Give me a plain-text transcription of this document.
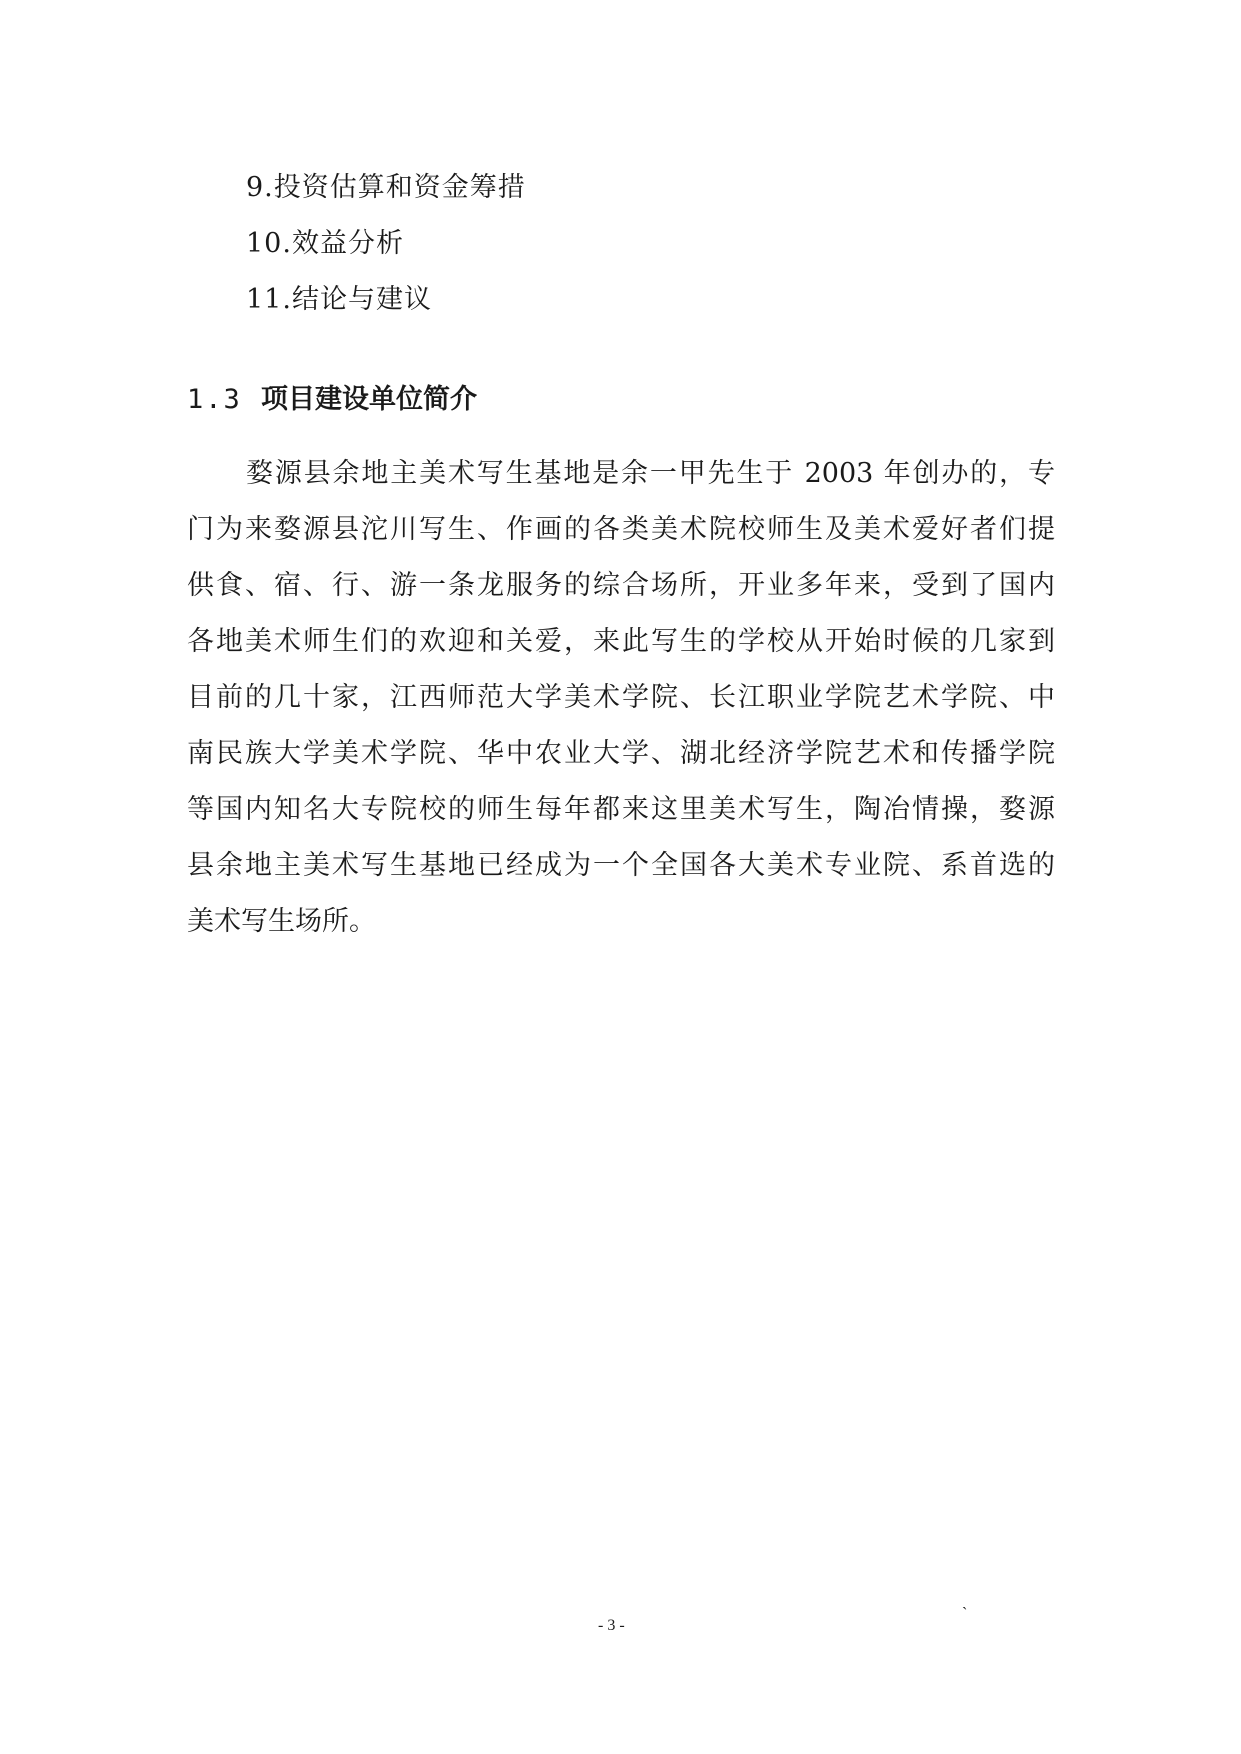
9.投资估算和资金筹措
10.效益分析
11.结论与建议
1.3 项目建设单位简介
婺源县余地主美术写生基地是余一甲先生于 2003 年创办的，专
门为来婺源县沱川写生、作画的各类美术院校师生及美术爱好者们提
供食、宿、行、游一条龙服务的综合场所，开业多年来，受到了国内
各地美术师生们的欢迎和关爱，来此写生的学校从开始时候的几家到
目前的几十家，江西师范大学美术学院、长江职业学院艺术学院、中
南民族大学美术学院、华中农业大学、湖北经济学院艺术和传播学院
等国内知名大专院校的师生每年都来这里美术写生，陶冶情操，婺源
县余地主美术写生基地已经成为一个全国各大美术专业院、系首选的
美术写生场所。
- 3 -
`
